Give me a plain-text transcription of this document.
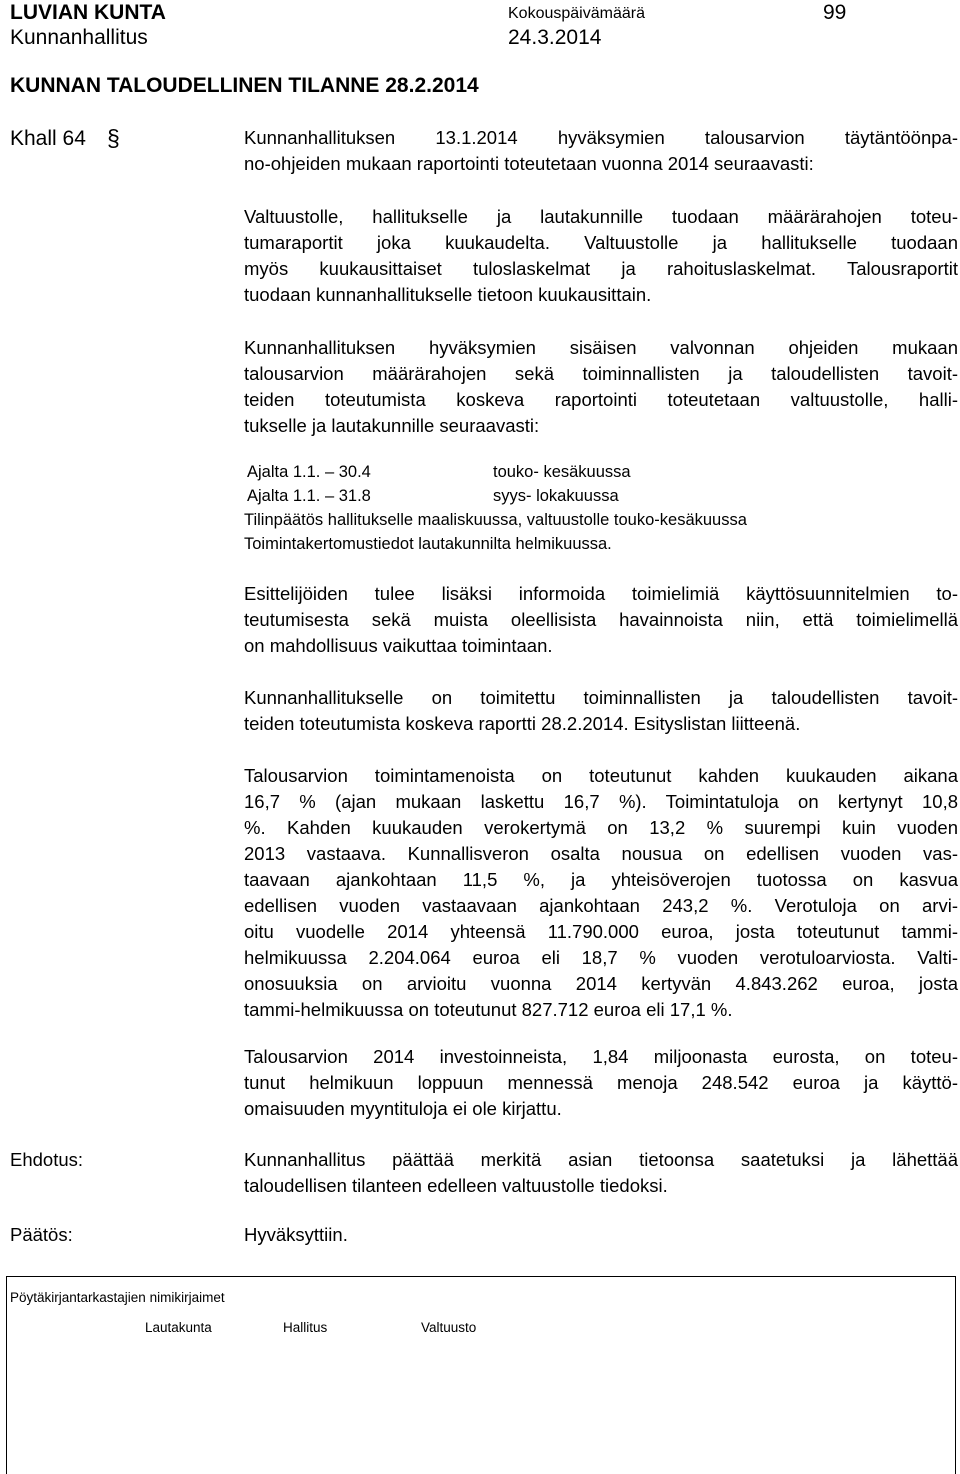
LUVIAN KUNTA
Kunnanhallitus
Kokouspäivämäärä
24.3.2014
99
KUNNAN TALOUDELLINEN TILANNE 28.2.2014
Khall 64 §	Kunnanhallituksen 13.1.2014 hyväksymien talousarvion täytäntöönpa-
no-ohjeiden mukaan raportointi toteutetaan vuonna 2014 seuraavasti:

Valtuustolle, hallitukselle ja lautakunnille tuodaan määrärahojen toteu-
tumaraportit joka kuukaudelta. Valtuustolle ja hallitukselle tuodaan
myös kuukausittaiset tuloslaskelmat ja rahoituslaskelmat. Talousraportit
tuodaan kunnanhallitukselle tietoon kuukausittain.

Kunnanhallituksen hyväksymien sisäisen valvonnan ohjeiden mukaan
talousarvion määrärahojen sekä toiminnallisten ja taloudellisten tavoit-
teiden toteutumista koskeva raportointi toteutetaan valtuustolle, halli-
tukselle ja lautakunnille seuraavasti:

Ajalta 1.1. – 30.4	touko- kesäkuussa
Ajalta 1.1. – 31.8	syys- lokakuussa
Tilinpäätös hallitukselle maaliskuussa, valtuustolle touko-kesäkuussa
Toimintakertomustiedot lautakunnilta helmikuussa.

Esittelijöiden tulee lisäksi informoida toimielimiä käyttösuunnitelmien to-
teutumisesta sekä muista oleellisista havainnoista niin, että toimielimellä
on mahdollisuus vaikuttaa toimintaan.

Kunnanhallitukselle on toimitettu toiminnallisten ja taloudellisten tavoit-
teiden toteutumista koskeva raportti 28.2.2014. Esityslistan liitteenä.

Talousarvion toimintamenoista on toteutunut kahden kuukauden aikana
16,7 % (ajan mukaan laskettu 16,7 %). Toimintatuloja on kertynyt 10,8
%. Kahden kuukauden verokertymä on 13,2 % suurempi kuin vuoden
2013 vastaava. Kunnallisveron osalta nousua on edellisen vuoden vas-
taavaan ajankohtaan 11,5 %, ja yhteisöverojen tuotossa on kasvua
edellisen vuoden vastaavaan ajankohtaan 243,2 %. Verotuloja on arvi-
oitu vuodelle 2014 yhteensä 11.790.000 euroa, josta toteutunut tammi-
helmikuussa 2.204.064 euroa eli 18,7 % vuoden verotuloarviosta. Valti-
onosuuksia on arvioitu vuonna 2014 kertyvän 4.843.262 euroa, josta
tammi-helmikuussa on toteutunut 827.712 euroa eli 17,1 %.

Talousarvion 2014 investoinneista, 1,84 miljoonasta eurosta, on toteu-
tunut helmikuun loppuun mennessä menoja 248.542 euroa ja käyttö-
omaisuuden myyntituloja ei ole kirjattu.

Ehdotus:	Kunnanhallitus päättää merkitä asian tietoonsa saatetuksi ja lähettää
taloudellisen tilanteen edelleen valtuustolle tiedoksi.

Päätös:	Hyväksyttiin.
Pöytäkirjantarkastajien nimikirjaimet
Lautakunta	Hallitus	Valtuusto
